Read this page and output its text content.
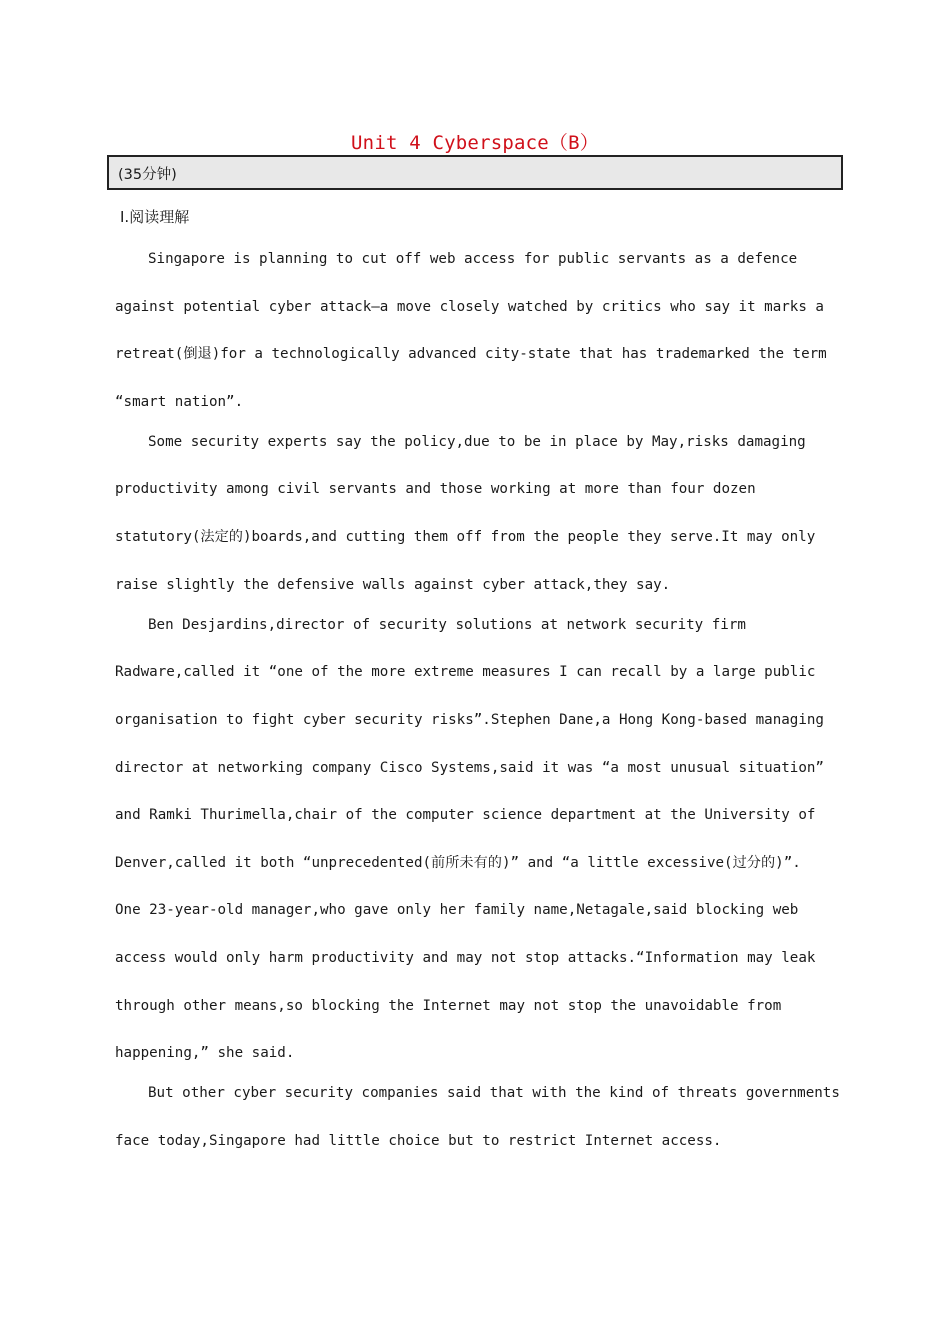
Unit 4 Cyberspace（B）
(35分钟)
Ⅰ.阅读理解
Singapore is planning to cut off web access for public servants as a defence
against potential cyber attack—a move closely watched by critics who say it marks a
retreat(倒退)for a technologically advanced city-state that has trademarked the term
“smart nation”.
Some security experts say the policy,due to be in place by May,risks damaging
productivity among civil servants and those working at more than four dozen
statutory(法定的)boards,and cutting them off from the people they serve.It may only
raise slightly the defensive walls against cyber attack,they say.
Ben Desjardins,director of security solutions at network security firm
Radware,called it “one of the more extreme measures I can recall by a large public
organisation to fight cyber security risks”.Stephen Dane,a Hong Kong-based managing
director at networking company Cisco Systems,said it was “a most unusual situation”
and Ramki Thurimella,chair of the computer science department at the University of
Denver,called it both “unprecedented(前所未有的)” and “a little excessive(过分的)”.
One 23-year-old manager,who gave only her family name,Netagale,said blocking web
access would only harm productivity and may not stop attacks.“Information may leak
through other means,so blocking the Internet may not stop the unavoidable from
happening,” she said.
But other cyber security companies said that with the kind of threats governments
face today,Singapore had little choice but to restrict Internet access.
